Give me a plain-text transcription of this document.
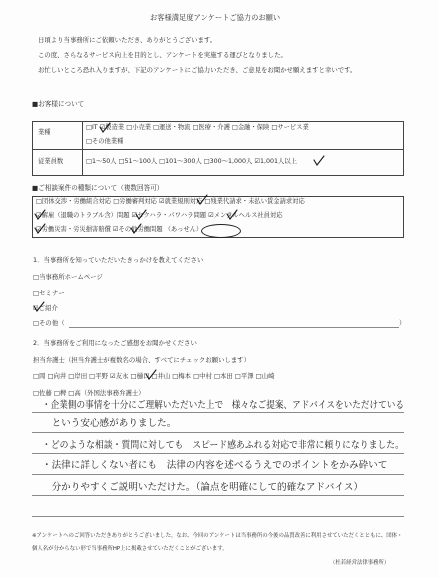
お客様満足度アンケートご協力のお願い
日頃より当事務所にご依頼いただき、ありがとうございます。
この度、さらなるサービス向上を目的とし、アンケートを実施する運びとなりました。
お忙しいところ恐れ入りますが、下記のアンケートにご協力いただき、ご意見をお聞かせ願えますと幸いです。
■お客様について
業種
□IT ☑製造業 □小売業 □運送・物流 □医療・介護 □金融・保険 □サービス業
□その他業種
従業員数	□1〜50人 □51〜100人 □101〜300人 □300〜1,000人 ☑1,001人以上
■ご相談案件の種類について（複数回答可）
□団体交渉・労働組合対応 □労働審判対応 ☑就業規則対応 □残業代請求・未払い賃金請求対応
☑解雇（退職のトラブル含）問題 ☑セクハラ・パワハラ問題 ☑メンタルヘルス社員対応
☑労働災害・労災損害賠償 ☑その他労働問題 （あっせん）
1．当事務所を知っていただいたきっかけを教えてください
□当事務所ホームページ
□セミナー
☑ご紹介
□その他（	）
2．当事務所をご利用になったご感想をお聞かせください
担当弁護士（担当弁護士が複数名の場合、すべてにチェックお願いします）
□岡 □向井 □岸田 □平野 ☑友永 □樋口 □井山 □梅本 □中村 □本田 □平澤 □山崎
□佐藤 □稗 □高（外国法事務弁護士）
・企業側の事情を十分にご理解いただいた上で　様々なご提案、アドバイスをいただけている
　という安心感がありました。
・どのような相談・質問に対しても　スピード感あふれる対応で非常に頼りになりました。
・法律に詳しくない者にも　法律の内容を述べるうえでのポイントをかみ砕いて
　分かりやすくご説明いただけた。（論点を明確にして的確なアドバイス）
※アンケートへのご回答いただきありがとうございました。なお、今回のアンケートは当事務所の今後の品質改善に利用させていただくとともに、団体・
個人名が分からない形で当事務所HP上に掲載させていただくことがございます。
（杜若経営法律事務所）
